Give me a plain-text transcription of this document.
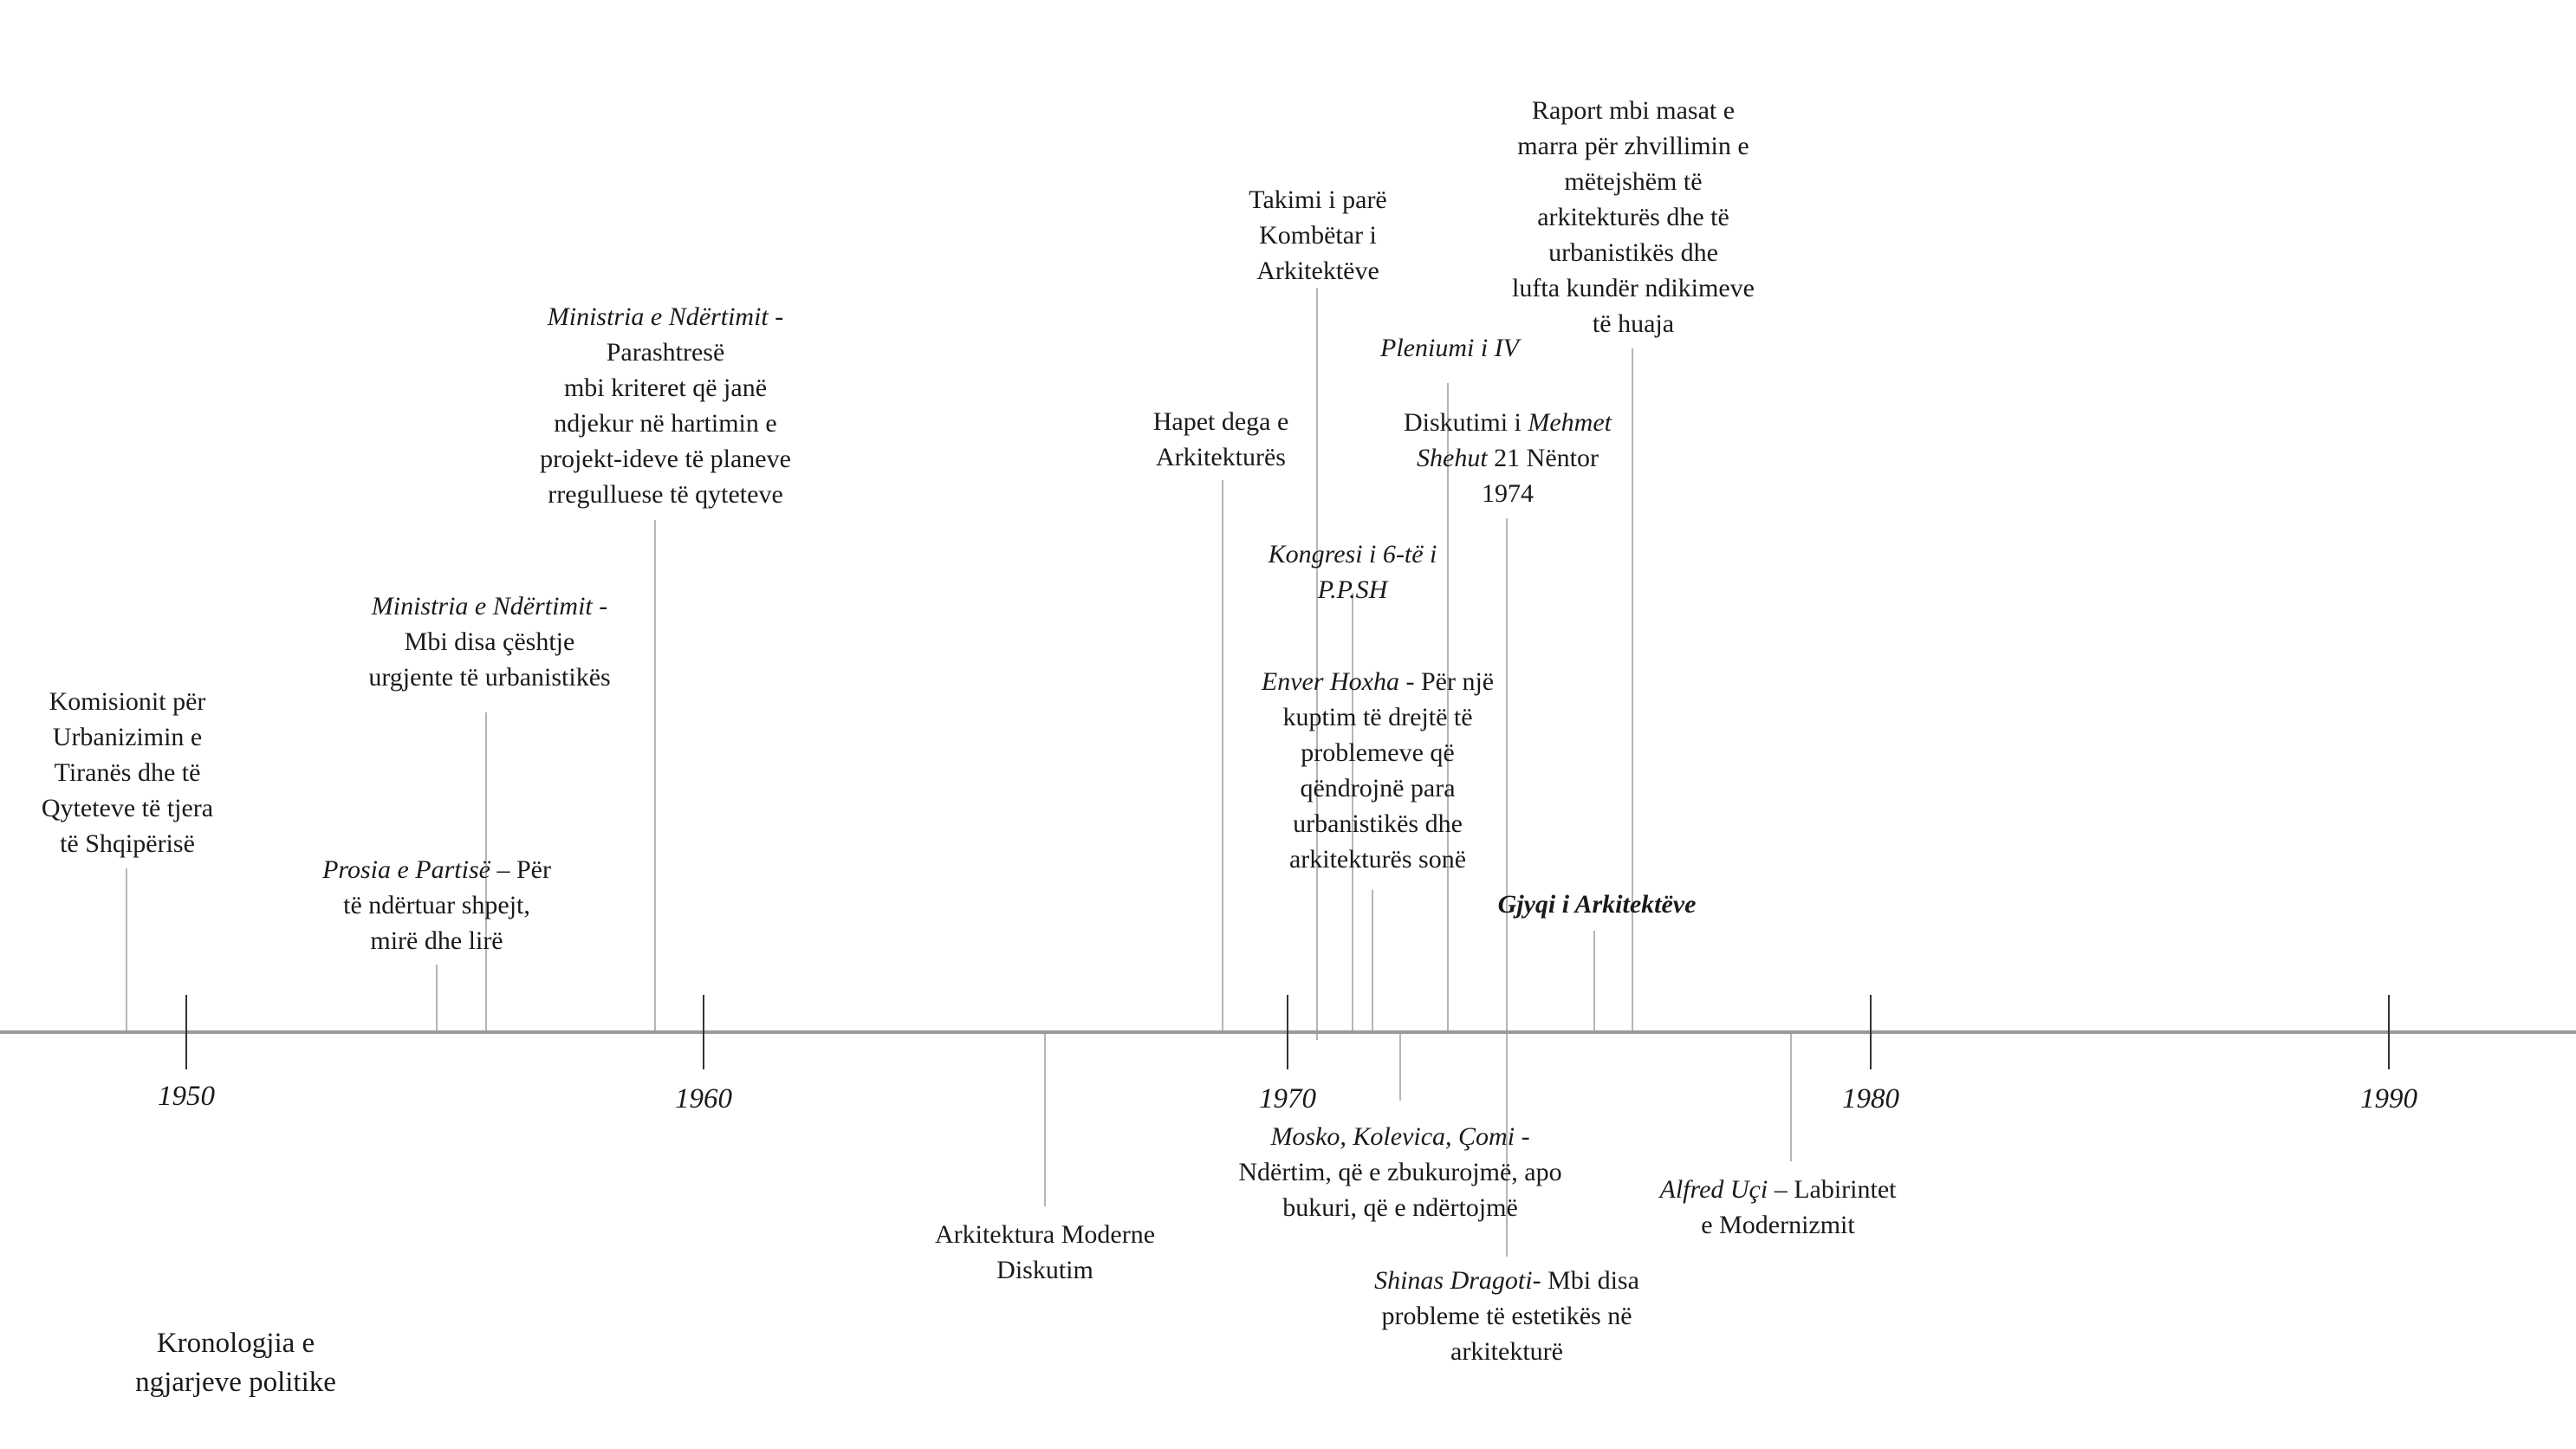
1950	1960	1970	1980	1990
Komisionit për
Urbanizimin e
Tiranës dhe të
Qyteteve të tjera
të Shqipërisë
Prosia e Partisë – Për
të ndërtuar shpejt,
mirë dhe lirë
Ministria e Ndërtimit -
Mbi disa çështje
urgjente të urbanistikës
Ministria e Ndërtimit -
Parashtresë
mbi kriteret që janë
ndjekur në hartimin e
projekt-ideve të planeve
rregulluese të qyteteve
Hapet dega e
Arkitekturës
Takimi i parë
Kombëtar i
Arkitektëve
Kongresi i 6-të i
P.P.SH
Enver Hoxha - Për një
kuptim të drejtë të
problemeve që
qëndrojnë para
urbanistikës dhe
arkitekturës sonë
Pleniumi i IV
Diskutimi i Mehmet
Shehut 21 Nëntor
1974
Gjyqi i Arkitektëve
Raport mbi masat e
marra për zhvillimin e
mëtejshëm të
arkitekturës dhe të
urbanistikës dhe
lufta kundër ndikimeve
të huaja
Arkitektura Moderne
Diskutim
Mosko, Kolevica, Çomi -
Ndërtim, që e zbukurojmë, apo
bukuri, që e ndërtojmë
Shinas Dragoti- Mbi disa
probleme të estetikës në
arkitekturë
Alfred Uçi – Labirintet
e Modernizmit
Kronologjia e
ngjarjeve politike
